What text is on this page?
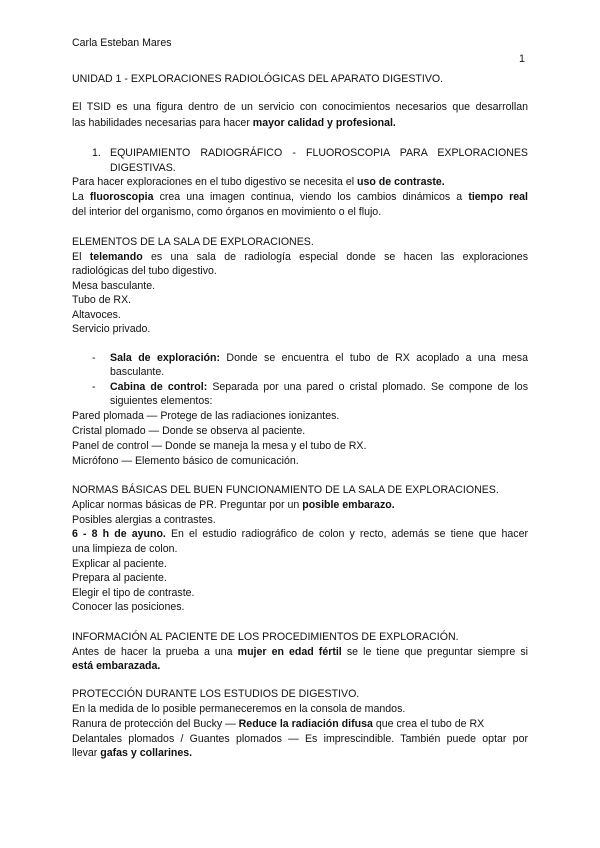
Carla Esteban Mares
1
UNIDAD 1 - EXPLORACIONES RADIOLÓGICAS DEL APARATO DIGESTIVO.
El TSID es una figura dentro de un servicio con conocimientos necesarios que desarrollan
las habilidades necesarias para hacer mayor calidad y profesional.
1. EQUIPAMIENTO RADIOGRÁFICO - FLUOROSCOPIA PARA EXPLORACIONES
DIGESTIVAS.
Para hacer exploraciones en el tubo digestivo se necesita el uso de contraste.
La fluoroscopia crea una imagen continua, viendo los cambios dinámicos a tiempo real
del interior del organismo, como órganos en movimiento o el flujo.
ELEMENTOS DE LA SALA DE EXPLORACIONES.
El telemando es una sala de radiología especial donde se hacen las exploraciones
radiológicas del tubo digestivo.
Mesa basculante.
Tubo de RX.
Altavoces.
Servicio privado.
- Sala de exploración: Donde se encuentra el tubo de RX acoplado a una mesa
basculante.
- Cabina de control: Separada por una pared o cristal plomado. Se compone de los
siguientes elementos:
Pared plomada — Protege de las radiaciones ionizantes.
Cristal plomado — Donde se observa al paciente.
Panel de control — Donde se maneja la mesa y el tubo de RX.
Micrófono — Elemento básico de comunicación.
NORMAS BÁSICAS DEL BUEN FUNCIONAMIENTO DE LA SALA DE EXPLORACIONES.
Aplicar normas básicas de PR. Preguntar por un posible embarazo.
Posibles alergias a contrastes.
6 - 8 h de ayuno. En el estudio radiográfico de colon y recto, además se tiene que hacer
una limpieza de colon.
Explicar al paciente.
Prepara al paciente.
Elegir el tipo de contraste.
Conocer las posiciones.
INFORMACIÓN AL PACIENTE DE LOS PROCEDIMIENTOS DE EXPLORACIÓN.
Antes de hacer la prueba a una mujer en edad fértil se le tiene que preguntar siempre si
está embarazada.
PROTECCIÓN DURANTE LOS ESTUDIOS DE DIGESTIVO.
En la medida de lo posible permaneceremos en la consola de mandos.
Ranura de protección del Bucky — Reduce la radiación difusa que crea el tubo de RX
Delantales plomados / Guantes plomados — Es imprescindible. También puede optar por
llevar gafas y collarines.
